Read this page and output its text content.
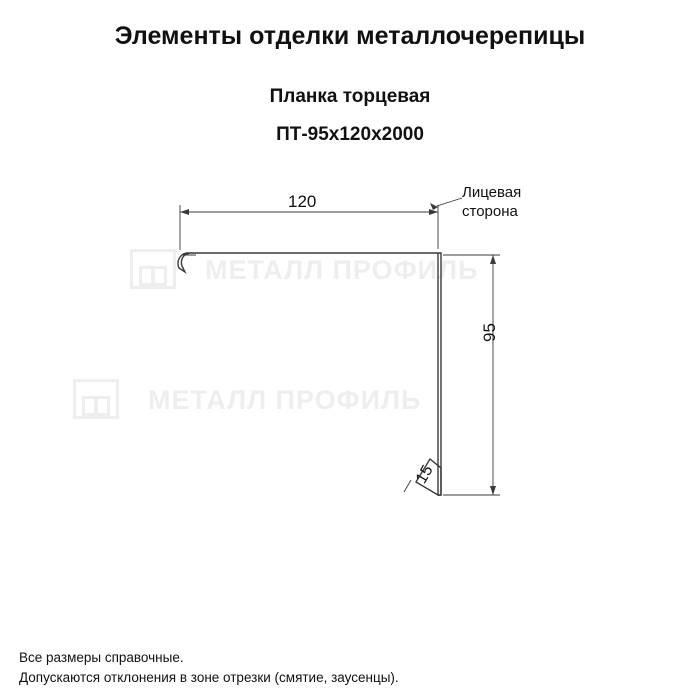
Элементы отделки металлочерепицы
Планка торцевая
ПТ-95x120x2000
МЕТАЛЛ ПРОФИЛЬ
МЕТАЛЛ ПРОФИЛЬ
120
95
15
Лицевая
сторона
Все размеры справочные.
Допускаются отклонения в зоне отрезки (смятие, заусенцы).
